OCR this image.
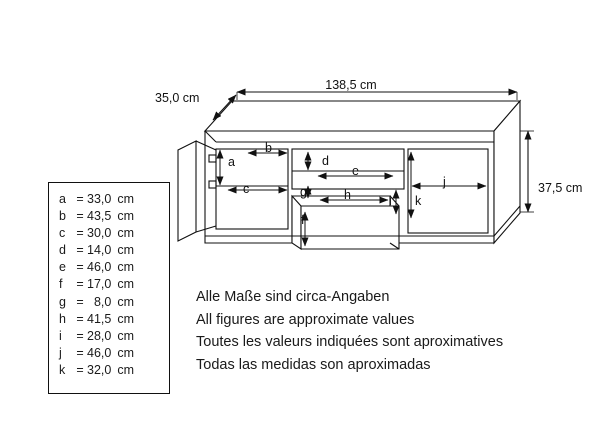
35,0 cm
138,5 cm
37,5 cm
a
b
c
d
e
f
g	h	i
j
k
a	=	33,0	cm
b	=	43,5	cm
c	=	30,0	cm
d	=	14,0	cm
e	=	46,0	cm
f	=	17,0	cm
g	=	8,0	cm
h	=	41,5	cm
i	=	28,0	cm
j	=	46,0	cm
k	=	32,0	cm
Alle Maße sind circa-Angaben
All figures are approximate values
Toutes les valeurs indiquées sont aproximatives
Todas las medidas son aproximadas
